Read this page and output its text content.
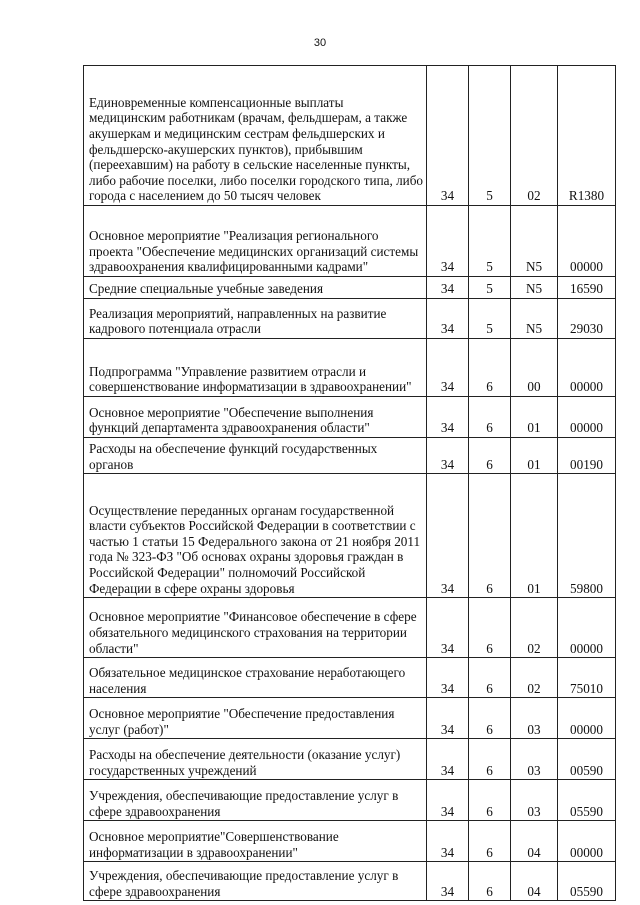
30
Единовременные компенсационные выплаты медицинским работникам (врачам, фельдшерам, а также акушеркам и медицинским сестрам фельдшерских и фельдшерско-акушерских пунктов), прибывшим (переехавшим) на работу в сельские населенные пункты, либо рабочие поселки, либо поселки городского типа, либо города с населением до 50 тысяч человек	34	5	02	R1380
Основное мероприятие "Реализация регионального проекта "Обеспечение медицинских организаций системы здравоохранения квалифицированными кадрами"	34	5	N5	00000
Средние специальные учебные заведения	34	5	N5	16590
Реализация мероприятий, направленных на развитие кадрового потенциала отрасли	34	5	N5	29030
Подпрограмма "Управление развитием отрасли и совершенствование информатизации в здравоохранении"	34	6	00	00000
Основное мероприятие "Обеспечение выполнения функций департамента здравоохранения области"	34	6	01	00000
Расходы на обеспечение функций государственных органов	34	6	01	00190
Осуществление переданных органам государственной власти субъектов Российской Федерации в соответствии с частью 1 статьи 15 Федерального закона от 21 ноября 2011 года № 323-ФЗ "Об основах охраны здоровья граждан в Российской Федерации" полномочий Российской Федерации в сфере охраны здоровья	34	6	01	59800
Основное мероприятие "Финансовое обеспечение в сфере обязательного медицинского страхования на территории области"	34	6	02	00000
Обязательное медицинское страхование неработающего населения	34	6	02	75010
Основное мероприятие "Обеспечение предоставления услуг (работ)"	34	6	03	00000
Расходы на обеспечение деятельности (оказание услуг) государственных учреждений	34	6	03	00590
Учреждения, обеспечивающие предоставление услуг в сфере здравоохранения	34	6	03	05590
Основное мероприятие"Совершенствование информатизации в здравоохранении"	34	6	04	00000
Учреждения, обеспечивающие предоставление услуг в сфере здравоохранения	34	6	04	05590
